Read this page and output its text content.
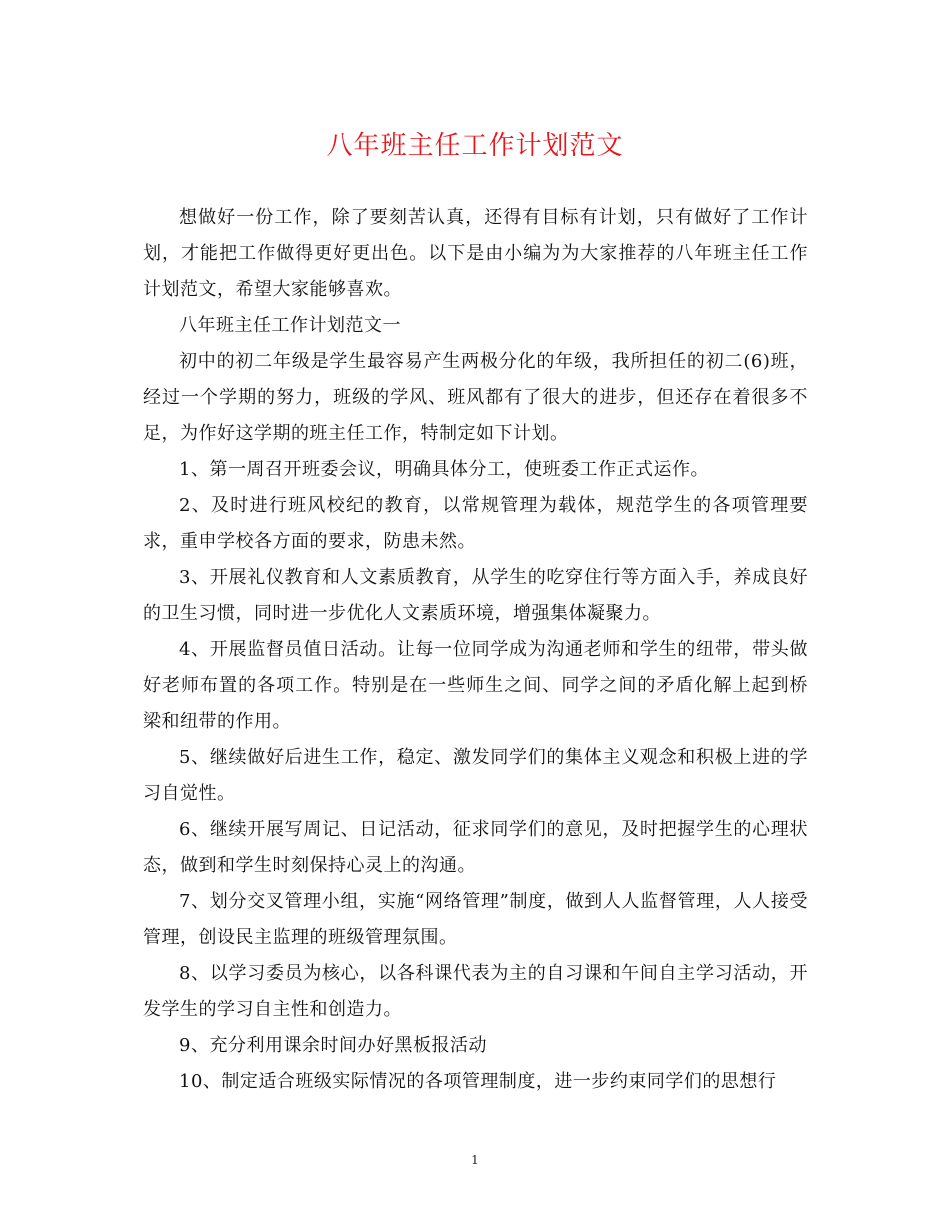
八年班主任工作计划范文

想做好一份工作，除了要刻苦认真，还得有目标有计划，只有做好了工作计划，才能把工作做得更好更出色。以下是由小编为为大家推荐的八年班主任工作计划范文，希望大家能够喜欢。

八年班主任工作计划范文一

初中的初二年级是学生最容易产生两极分化的年级，我所担任的初二(6)班，经过一个学期的努力，班级的学风、班风都有了很大的进步，但还存在着很多不足，为作好这学期的班主任工作，特制定如下计划。

1、第一周召开班委会议，明确具体分工，使班委工作正式运作。

2、及时进行班风校纪的教育，以常规管理为载体，规范学生的各项管理要求，重申学校各方面的要求，防患未然。

3、开展礼仪教育和人文素质教育，从学生的吃穿住行等方面入手，养成良好的卫生习惯，同时进一步优化人文素质环境，增强集体凝聚力。

4、开展监督员值日活动。让每一位同学成为沟通老师和学生的纽带，带头做好老师布置的各项工作。特别是在一些师生之间、同学之间的矛盾化解上起到桥梁和纽带的作用。

5、继续做好后进生工作，稳定、激发同学们的集体主义观念和积极上进的学习自觉性。

6、继续开展写周记、日记活动，征求同学们的意见，及时把握学生的心理状态，做到和学生时刻保持心灵上的沟通。

7、划分交叉管理小组，实施“网络管理”制度，做到人人监督管理，人人接受管理，创设民主监理的班级管理氛围。

8、以学习委员为核心，以各科课代表为主的自习课和午间自主学习活动，开发学生的学习自主性和创造力。

9、充分利用课余时间办好黑板报活动

10、制定适合班级实际情况的各项管理制度，进一步约束同学们的思想行

1
